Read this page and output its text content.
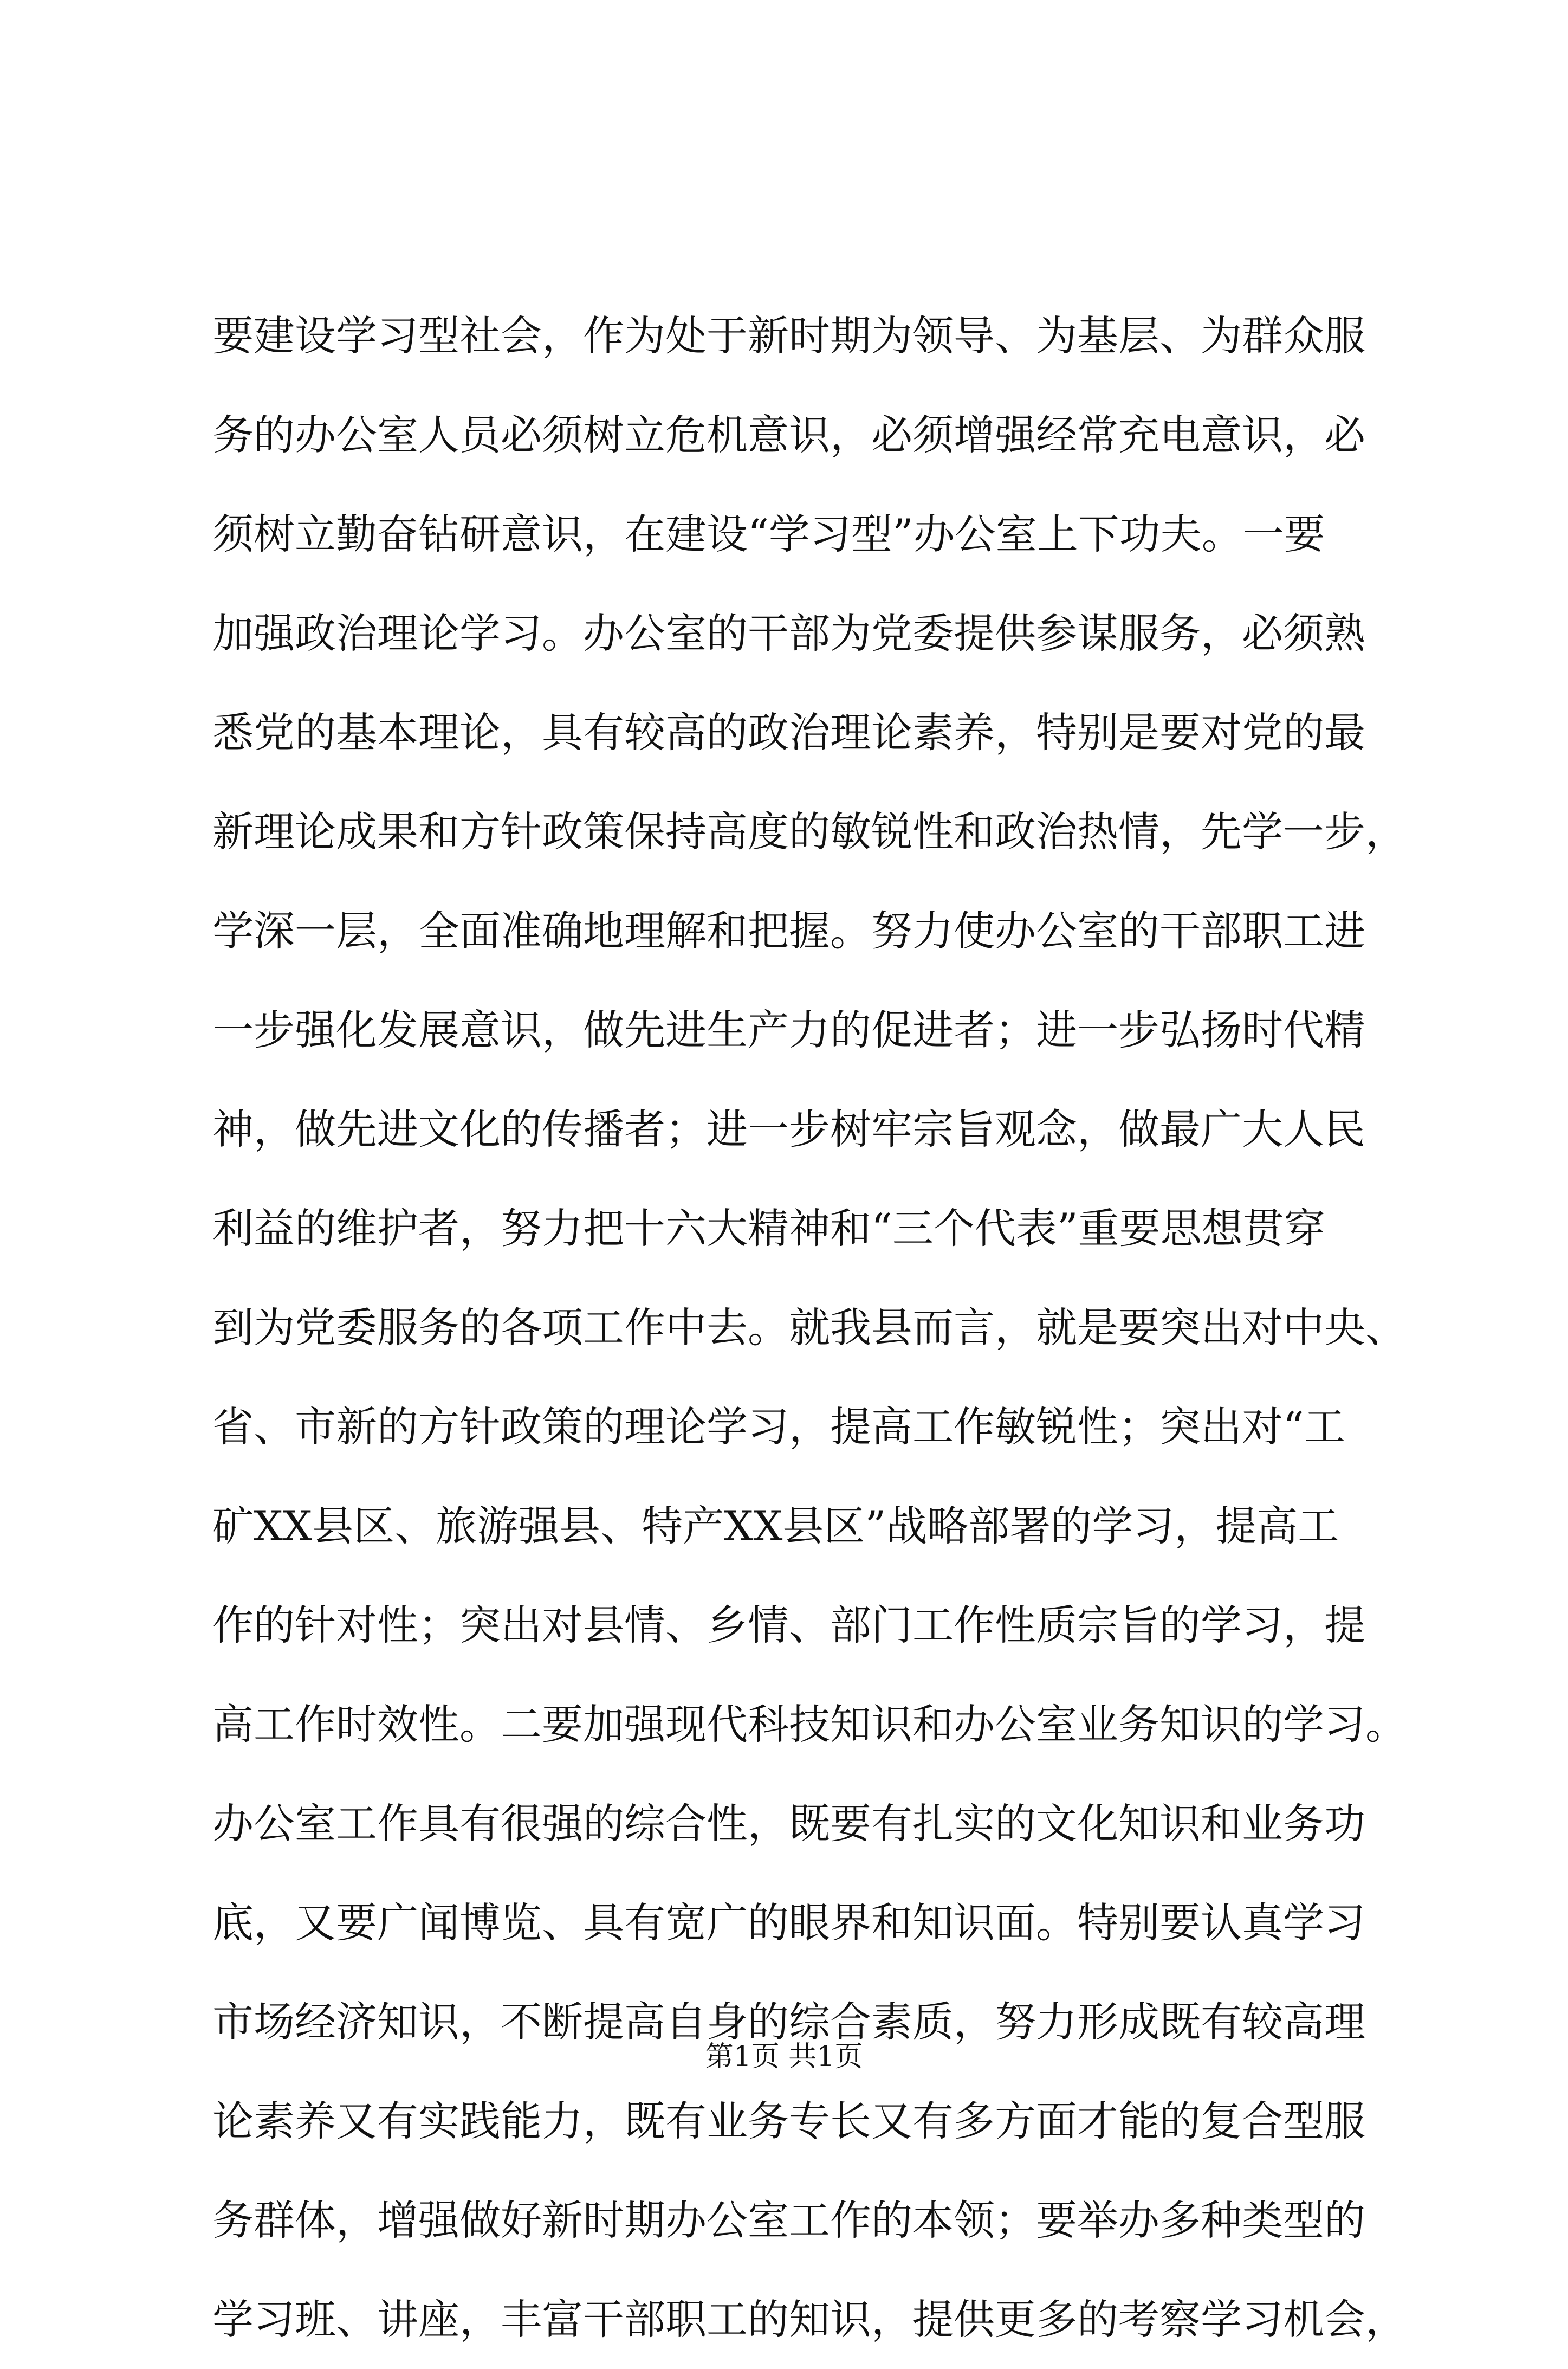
要建设学习型社会，作为处于新时期为领导、为基层、为群众服
务的办公室人员必须树立危机意识，必须增强经常充电意识，必
须树立勤奋钻研意识，在建设“学习型”办公室上下功夫。一要
加强政治理论学习。办公室的干部为党委提供参谋服务，必须熟
悉党的基本理论，具有较高的政治理论素养，特别是要对党的最
新理论成果和方针政策保持高度的敏锐性和政治热情，先学一步，
学深一层，全面准确地理解和把握。努力使办公室的干部职工进
一步强化发展意识，做先进生产力的促进者；进一步弘扬时代精
神，做先进文化的传播者；进一步树牢宗旨观念，做最广大人民
利益的维护者，努力把十六大精神和“三个代表”重要思想贯穿
到为党委服务的各项工作中去。就我县而言，就是要突出对中央、
省、市新的方针政策的理论学习，提高工作敏锐性；突出对“工
矿XX县区、旅游强县、特产XX县区”战略部署的学习，提高工
作的针对性；突出对县情、乡情、部门工作性质宗旨的学习，提
高工作时效性。二要加强现代科技知识和办公室业务知识的学习。
办公室工作具有很强的综合性，既要有扎实的文化知识和业务功
底，又要广闻博览、具有宽广的眼界和知识面。特别要认真学习
市场经济知识，不断提高自身的综合素质，努力形成既有较高理
论素养又有实践能力，既有业务专长又有多方面才能的复合型服
务群体，增强做好新时期办公室工作的本领；要举办多种类型的
学习班、讲座，丰富干部职工的知识，提供更多的考察学习机会，
第1页 共1页
